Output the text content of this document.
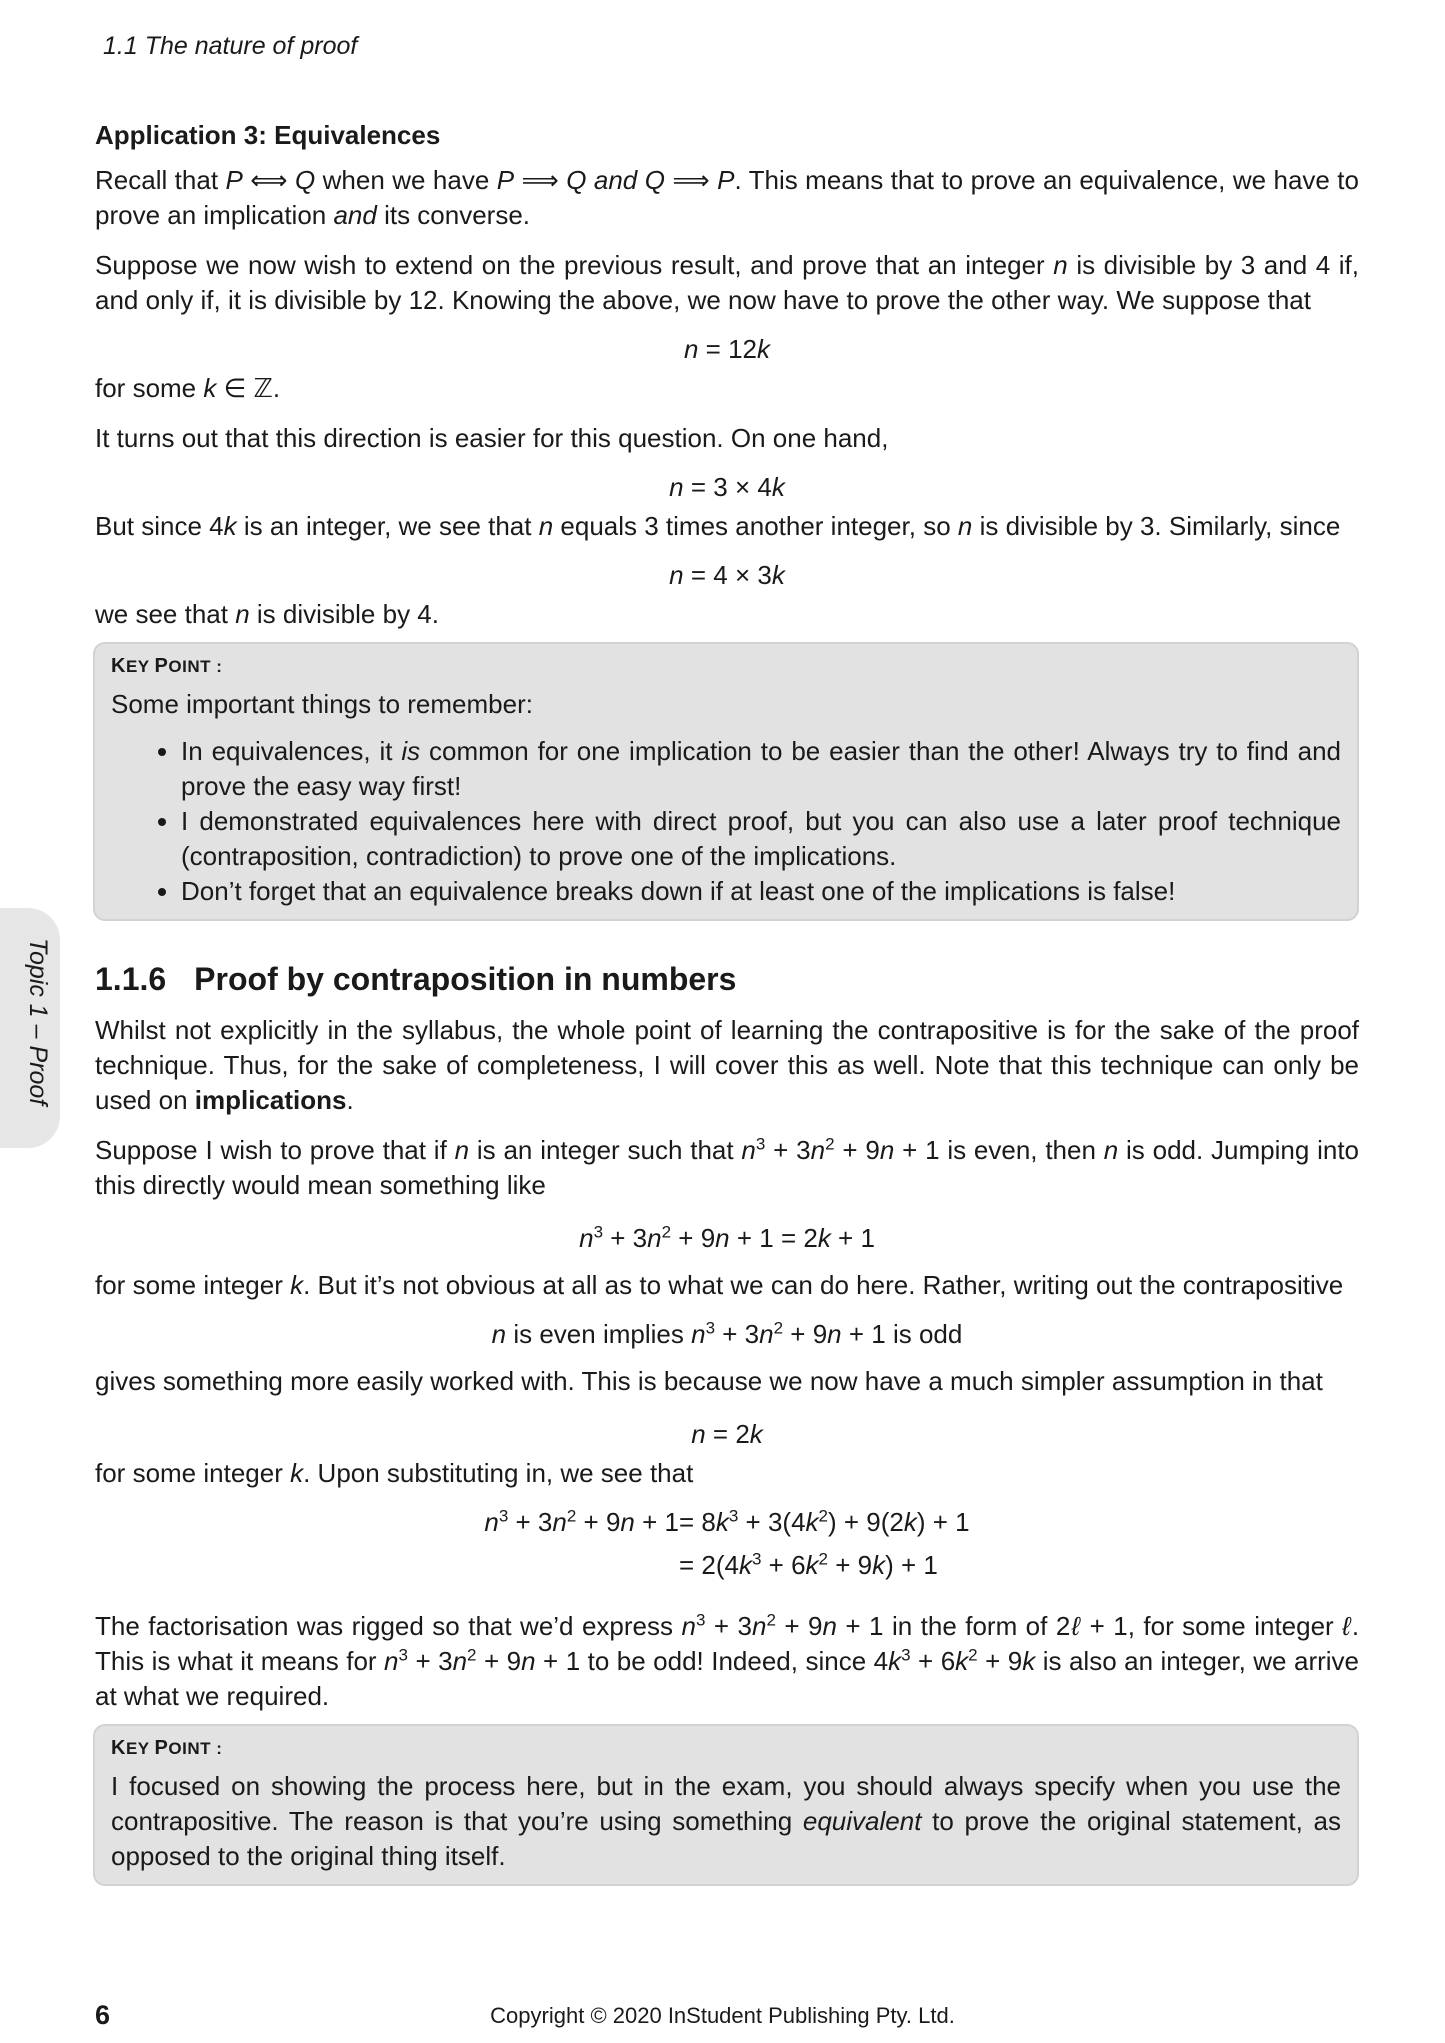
1.1 The nature of proof
Topic 1 – Proof
Application 3: Equivalences

Recall that P ⟺ Q when we have P ⟹ Q and Q ⟹ P. This means that to prove an equivalence, we have to prove an implication and its converse.

Suppose we now wish to extend on the previous result, and prove that an integer n is divisible by 3 and 4 if, and only if, it is divisible by 12. Knowing the above, we now have to prove the other way. We suppose that

n = 12k

for some k ∈ ℤ.

It turns out that this direction is easier for this question. On one hand,

n = 3 × 4k

But since 4k is an integer, we see that n equals 3 times another integer, so n is divisible by 3. Similarly, since

n = 4 × 3k

we see that n is divisible by 4.

KEY POINT :

Some important things to remember:

• In equivalences, it is common for one implication to be easier than the other! Always try to find and prove the easy way first!
• I demonstrated equivalences here with direct proof, but you can also use a later proof technique (contraposition, contradiction) to prove one of the implications.
• Don’t forget that an equivalence breaks down if at least one of the implications is false!
1.1.6 Proof by contraposition in numbers

Whilst not explicitly in the syllabus, the whole point of learning the contrapositive is for the sake of the proof technique. Thus, for the sake of completeness, I will cover this as well. Note that this technique can only be used on implications.

Suppose I wish to prove that if n is an integer such that $n^3 + 3n^2 + 9n + 1$ is even, then n is odd. Jumping into this directly would mean something like

$n^3 + 3n^2 + 9n + 1 = 2k + 1$

for some integer k. But it’s not obvious at all as to what we can do here. Rather, writing out the contrapositive

n is even implies $n^3 + 3n^2 + 9n + 1$ is odd

gives something more easily worked with. This is because we now have a much simpler assumption in that

n = 2k

for some integer k. Upon substituting in, we see that

$n^3 + 3n^2 + 9n + 1$	= $8k^3 + 3(4k^2) + 9(2k) + 1$
	= $2(4k^3 + 6k^2 + 9k) + 1$

The factorisation was rigged so that we’d express $n^3 + 3n^2 + 9n + 1$ in the form of 2ℓ + 1, for some integer ℓ. This is what it means for $n^3 + 3n^2 + 9n + 1$ to be odd! Indeed, since $4k^3 + 6k^2 + 9k$ is also an integer, we arrive at what we required.

KEY POINT :

I focused on showing the process here, but in the exam, you should always specify when you use the contrapositive. The reason is that you’re using something equivalent to prove the original statement, as opposed to the original thing itself.

6	Copyright © 2020 InStudent Publishing Pty. Ltd.
